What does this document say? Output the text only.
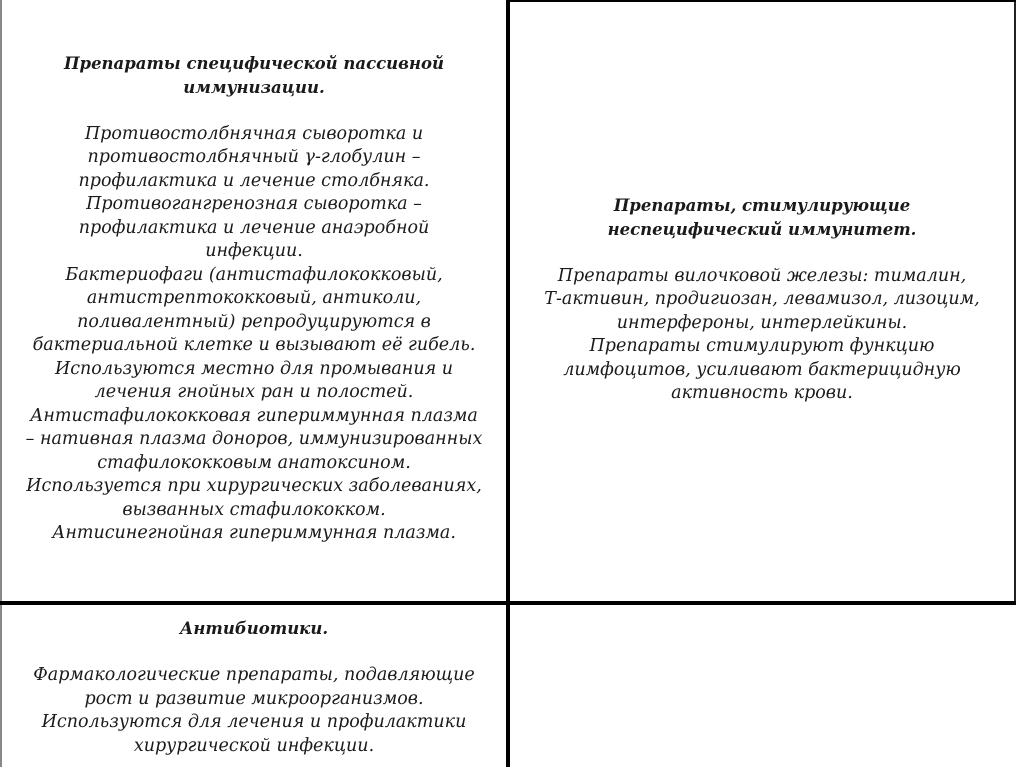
Препараты специфической пассивной
иммунизации.
Противостолбнячная сыворотка и
противостолбнячный γ-глобулин –
профилактика и лечение столбняка.
Противогангренозная сыворотка –
профилактика и лечение анаэробной
инфекции.
Бактериофаги (антистафилококковый,
антистрептококковый, антиколи,
поливалентный) репродуцируются в
бактериальной клетке и вызывают её гибель.
Используются местно для промывания и
лечения гнойных ран и полостей.
Антистафилококковая гипериммунная плазма
– нативная плазма доноров, иммунизированных
стафилококковым анатоксином.
Используется при хирургических заболеваниях,
вызванных стафилококком.
Антисинегнойная гипериммунная плазма.
Препараты, стимулирующие
неспецифический иммунитет.
Препараты вилочковой железы: тималин,
Т-активин, продигиозан, левамизол, лизоцим,
интерфероны, интерлейкины.
Препараты стимулируют функцию
лимфоцитов, усиливают бактерицидную
активность крови.
Антибиотики.
Фармакологические препараты, подавляющие
рост и развитие микроорганизмов.
Используются для лечения и профилактики
хирургической инфекции.
